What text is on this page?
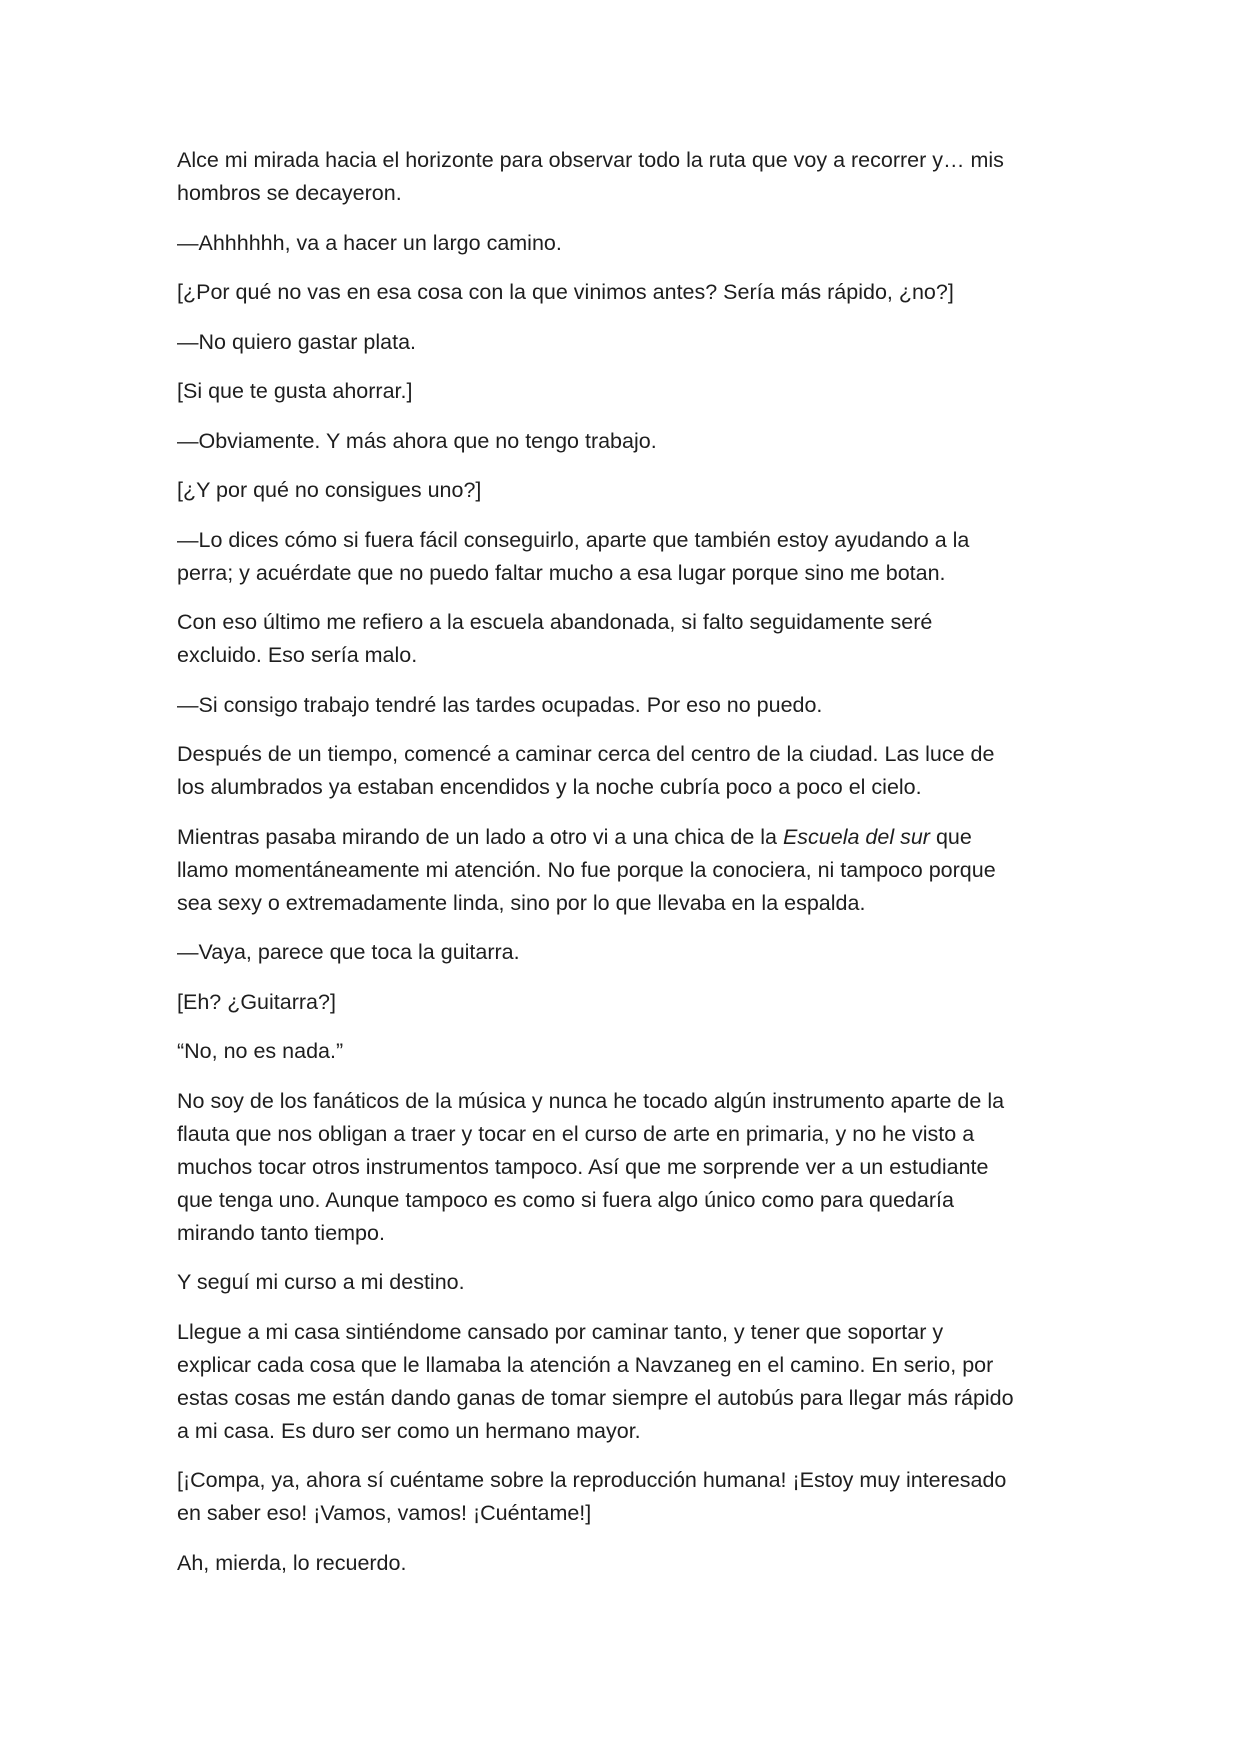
Alce mi mirada hacia el horizonte para observar todo la ruta que voy a recorrer y… mis
hombros se decayeron.

—Ahhhhhh, va a hacer un largo camino.

[¿Por qué no vas en esa cosa con la que vinimos antes? Sería más rápido, ¿no?]

—No quiero gastar plata.

[Si que te gusta ahorrar.]

—Obviamente. Y más ahora que no tengo trabajo.

[¿Y por qué no consigues uno?]

—Lo dices cómo si fuera fácil conseguirlo, aparte que también estoy ayudando a la
perra; y acuérdate que no puedo faltar mucho a esa lugar porque sino me botan.

Con eso último me refiero a la escuela abandonada, si falto seguidamente seré
excluido. Eso sería malo.

—Si consigo trabajo tendré las tardes ocupadas. Por eso no puedo.

Después de un tiempo, comencé a caminar cerca del centro de la ciudad. Las luce de
los alumbrados ya estaban encendidos y la noche cubría poco a poco el cielo.

Mientras pasaba mirando de un lado a otro vi a una chica de la Escuela del sur que
llamo momentáneamente mi atención. No fue porque la conociera, ni tampoco porque
sea sexy o extremadamente linda, sino por lo que llevaba en la espalda.

—Vaya, parece que toca la guitarra.

[Eh? ¿Guitarra?]

“No, no es nada.”

No soy de los fanáticos de la música y nunca he tocado algún instrumento aparte de la
flauta que nos obligan a traer y tocar en el curso de arte en primaria, y no he visto a
muchos tocar otros instrumentos tampoco. Así que me sorprende ver a un estudiante
que tenga uno. Aunque tampoco es como si fuera algo único como para quedaría
mirando tanto tiempo.

Y seguí mi curso a mi destino.

Llegue a mi casa sintiéndome cansado por caminar tanto, y tener que soportar y
explicar cada cosa que le llamaba la atención a Navzaneg en el camino. En serio, por
estas cosas me están dando ganas de tomar siempre el autobús para llegar más rápido
a mi casa. Es duro ser como un hermano mayor.

[¡Compa, ya, ahora sí cuéntame sobre la reproducción humana! ¡Estoy muy interesado
en saber eso! ¡Vamos, vamos! ¡Cuéntame!]

Ah, mierda, lo recuerdo.
